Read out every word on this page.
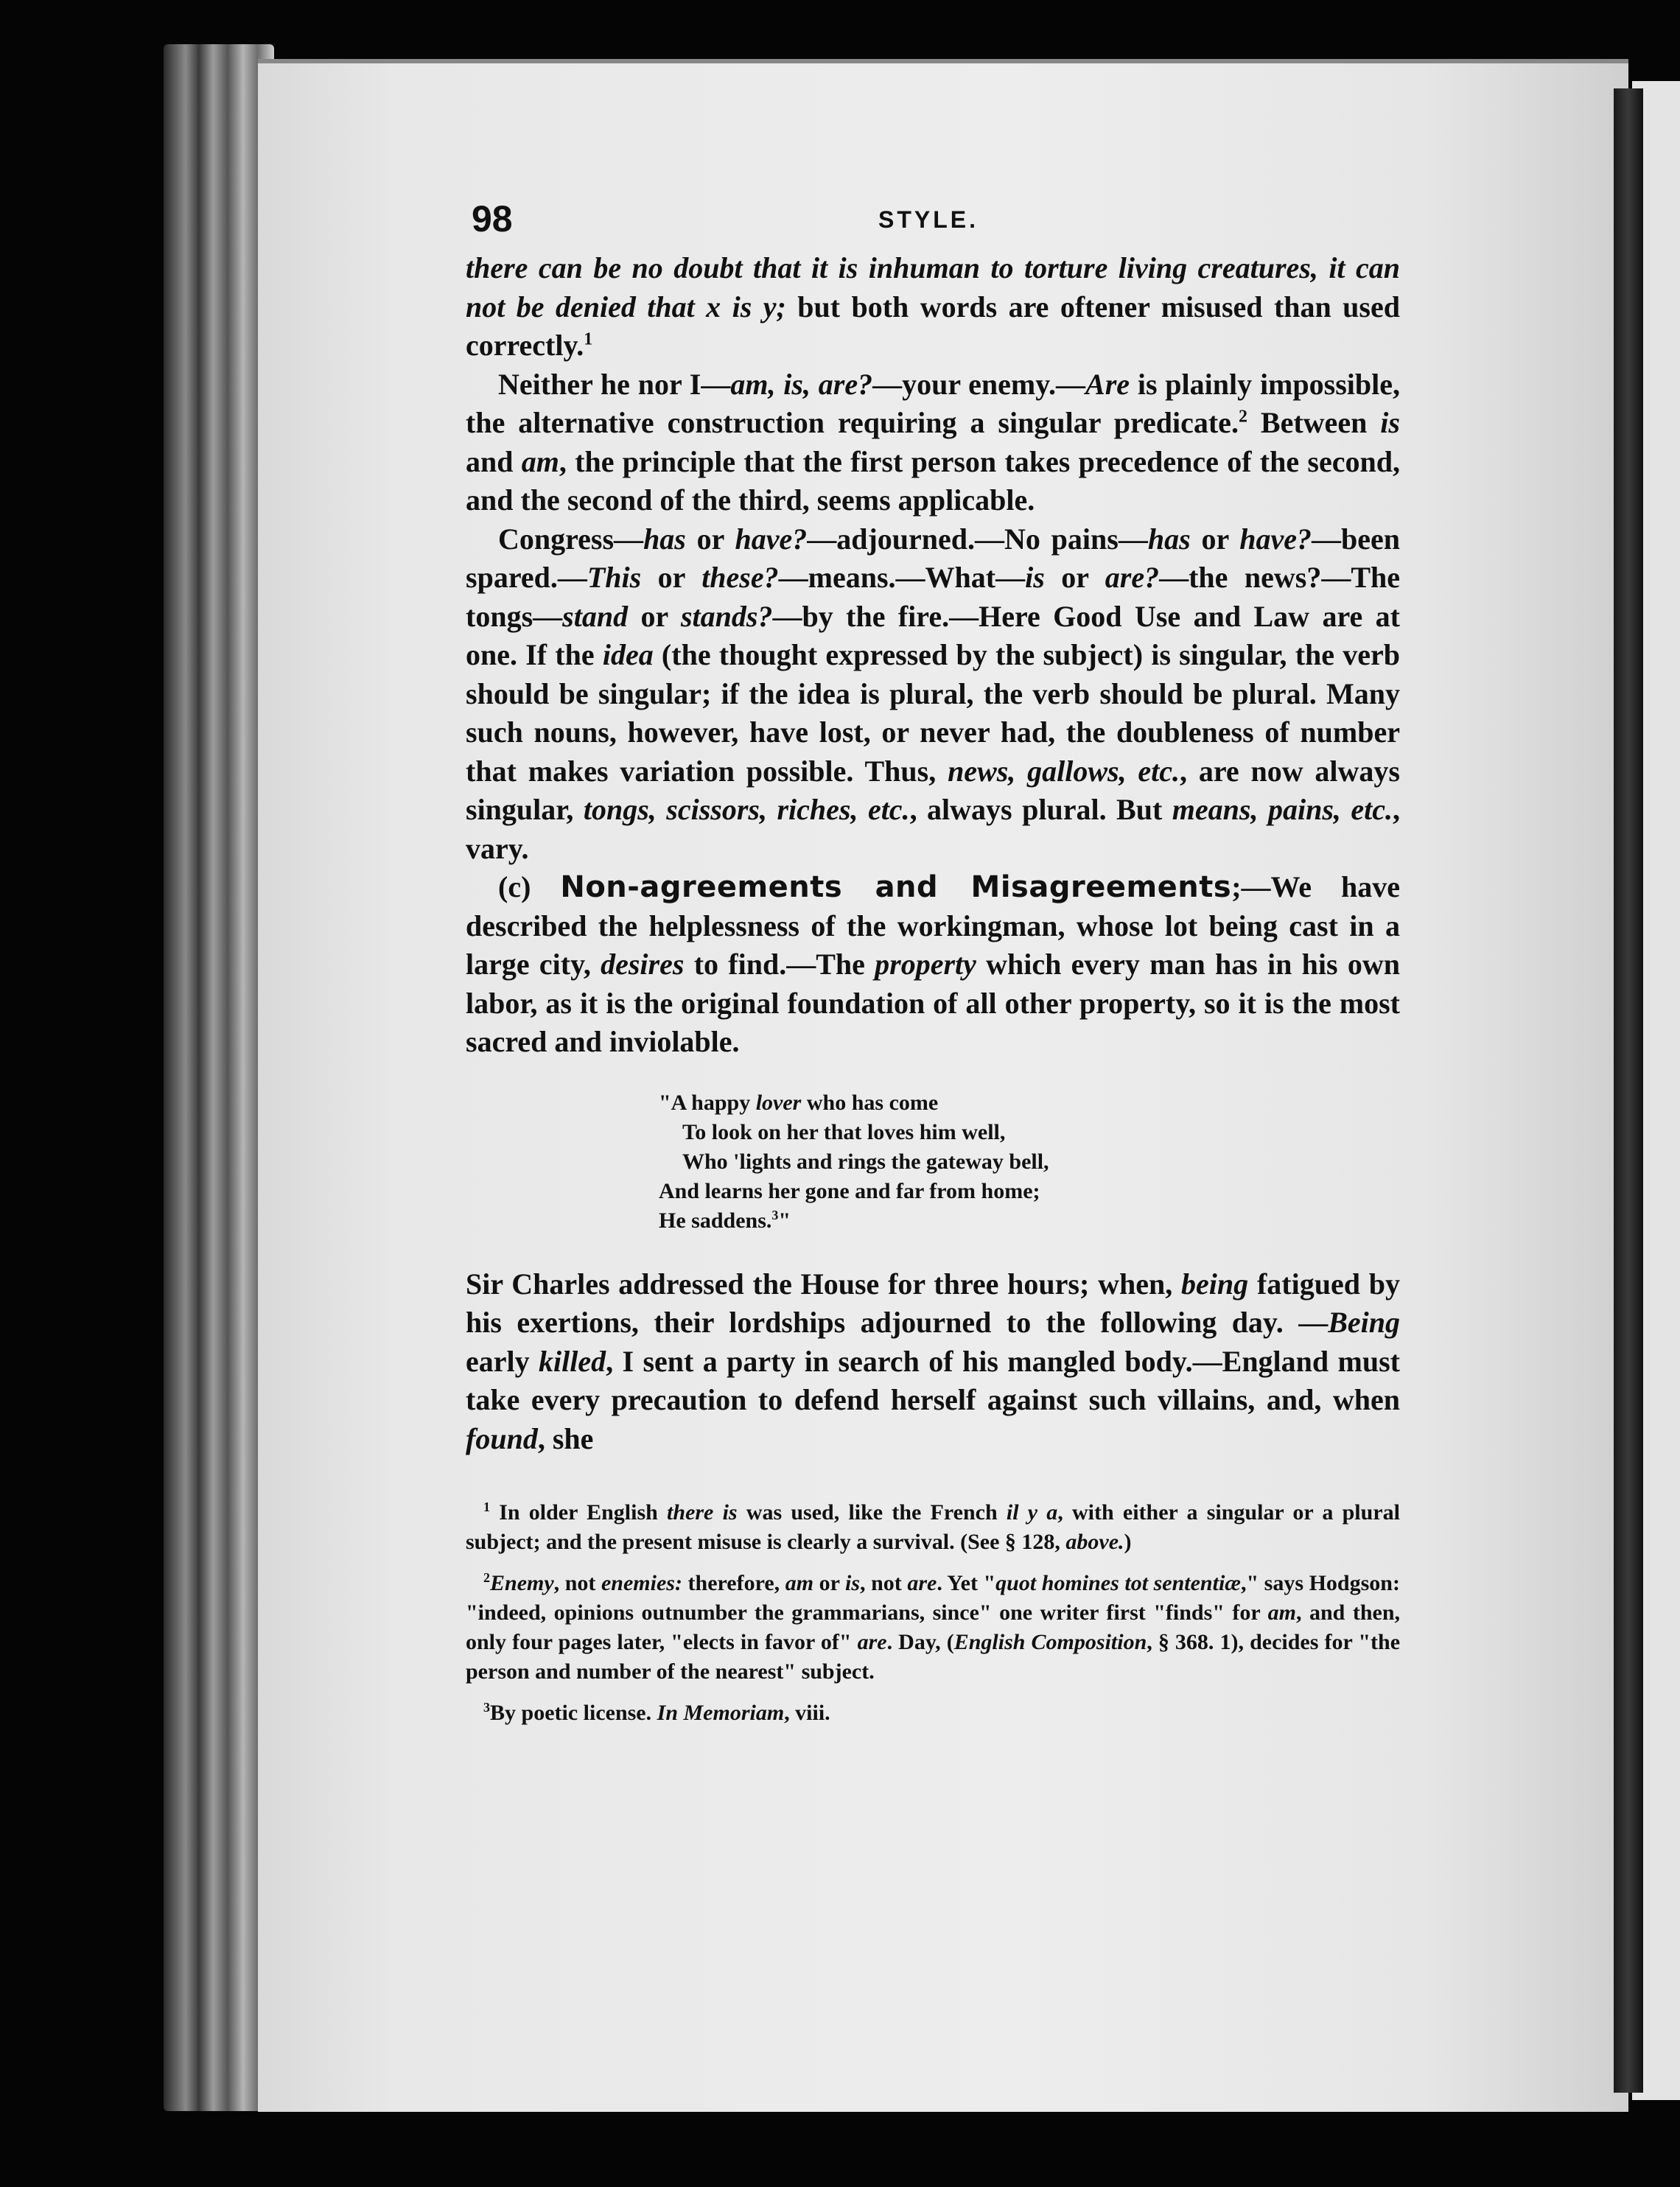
98	STYLE.

there can be no doubt that it is inhuman to torture living creatures, it can not be denied that x is y; but both words are oftener misused than used correctly.$^1$

Neither he nor I—am, is, are?—your enemy.—Are is plainly impossible, the alternative construction requiring a singular predicate.$^2$ Between is and am, the principle that the first person takes precedence of the second, and the second of the third, seems applicable.

Congress—has or have?—adjourned.—No pains—has or have?—been spared.—This or these?—means.—What—is or are?—the news?—The tongs—stand or stands?—by the fire.—Here Good Use and Law are at one. If the idea (the thought expressed by the subject) is singular, the verb should be singular; if the idea is plural, the verb should be plural. Many such nouns, however, have lost, or never had, the doubleness of number that makes variation possible. Thus, news, gallows, etc., are now always singular, tongs, scissors, riches, etc., always plural. But means, pains, etc., vary.

(c) Non-agreements and Misagreements;—We have described the helplessness of the workingman, whose lot being cast in a large city, desires to find.—The property which every man has in his own labor, as it is the original foundation of all other property, so it is the most sacred and inviolable.

"A happy lover who has come
To look on her that loves him well,
Who 'lights and rings the gateway bell,
And learns her gone and far from home;
He saddens.$^3$"

Sir Charles addressed the House for three hours; when, being fatigued by his exertions, their lordships adjourned to the following day. —Being early killed, I sent a party in search of his mangled body.—England must take every precaution to defend herself against such villains, and, when found, she

$^1$ In older English there is was used, like the French il y a, with either a singular or a plural subject; and the present misuse is clearly a survival. (See § 128, above.)

$^2$Enemy, not enemies: therefore, am or is, not are. Yet "quot homines tot sententiæ," says Hodgson: "indeed, opinions outnumber the grammarians, since" one writer first "finds" for am, and then, only four pages later, "elects in favor of" are. Day, (English Composition, § 368. 1), decides for "the person and number of the nearest" subject.

$^3$By poetic license. In Memoriam, viii.
